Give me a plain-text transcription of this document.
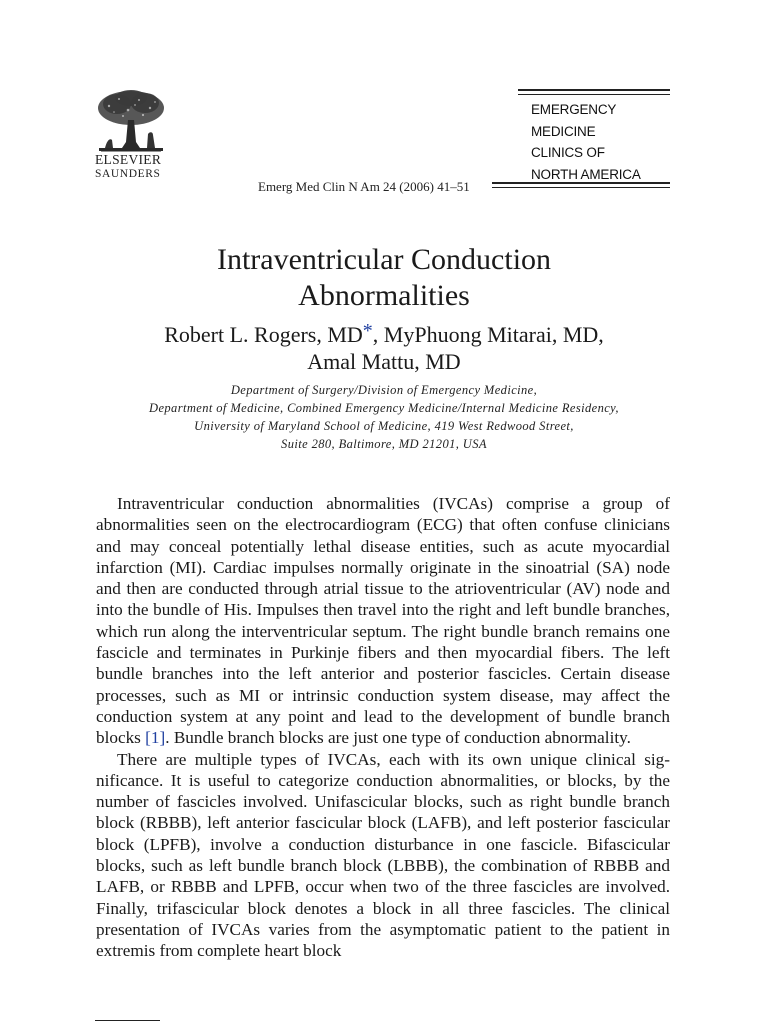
ELSEVIER
SAUNDERS
Emerg Med Clin N Am 24 (2006) 41–51
EMERGENCY
MEDICINE
CLINICS OF
NORTH AMERICA
Intraventricular Conduction
Abnormalities
Robert L. Rogers, MD*, MyPhuong Mitarai, MD,
Amal Mattu, MD
Department of Surgery/Division of Emergency Medicine,
Department of Medicine, Combined Emergency Medicine/Internal Medicine Residency,
University of Maryland School of Medicine, 419 West Redwood Street,
Suite 280, Baltimore, MD 21201, USA

Intraventricular conduction abnormalities (IVCAs) comprise a group of abnormalities seen on the electrocardiogram (ECG) that often confuse clinicians and may conceal potentially lethal disease entities, such as acute myocardial infarction (MI). Cardiac impulses normally originate in the sinoatrial (SA) node and then are conducted through atrial tissue to the atrioventricular (AV) node and into the bundle of His. Impulses then travel into the right and left bundle branches, which run along the interventricular septum. The right bundle branch remains one fascicle and terminates in Purkinje fibers and then myocardial fibers. The left bundle branches into the left anterior and posterior fascicles. Certain disease processes, such as MI or intrinsic conduction system disease, may affect the conduction system at any point and lead to the development of bundle branch blocks [1]. Bundle branch blocks are just one type of conduction abnormality.

There are multiple types of IVCAs, each with its own unique clinical significance. It is useful to categorize conduction abnormalities, or blocks, by the number of fascicles involved. Unifascicular blocks, such as right bundle branch block (RBBB), left anterior fascicular block (LAFB), and left posterior fascicular block (LPFB), involve a conduction disturbance in one fascicle. Bifascicular blocks, such as left bundle branch block (LBBB), the combination of RBBB and LAFB, or RBBB and LPFB, occur when two of the three fascicles are involved. Finally, trifascicular block denotes a block in all three fascicles. The clinical presentation of IVCAs varies from the asymptomatic patient to the patient in extremis from complete heart block
